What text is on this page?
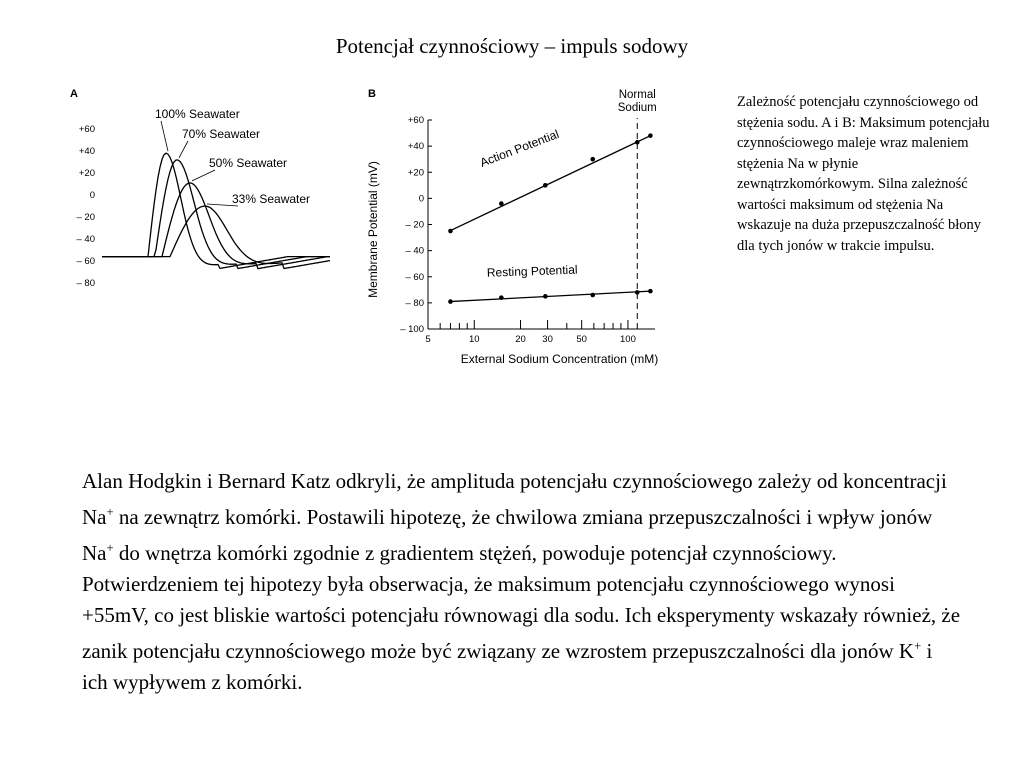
Potencjał czynnościowy – impuls sodowy
A
+60
+40
+20
0
– 20
– 40
– 60
– 80
100% Seawater
70% Seawater
50% Seawater
33% Seawater
B
+60
+40
+20
0
– 20
– 40
– 60
– 80
– 100
5	10	20 30 50	100
External Sodium Concentration (mM)
Membrane Potential (mV)
Normal
Sodium
Action Potential
Resting Potential
Zależność potencjału czynnościowego od stężenia sodu. A i B: Maksimum potencjału czynnościowego maleje wraz maleniem stężenia Na w płynie zewnątrzkomórkowym. Silna zależność wartości maksimum od stężenia Na wskazuje na duża przepuszczalność błony dla tych jonów w trakcie impulsu.
Alan Hodgkin i Bernard Katz odkryli, że amplituda potencjału czynnościowego zależy od koncentracji Na+ na zewnątrz komórki. Postawili hipotezę, że chwilowa zmiana przepuszczalności i wpływ jonów Na+ do wnętrza komórki zgodnie z gradientem stężeń, powoduje potencjał czynnościowy. Potwierdzeniem tej hipotezy była obserwacja, że maksimum potencjału czynnościowego wynosi +55mV, co jest bliskie wartości potencjału równowagi dla sodu. Ich eksperymenty wskazały również, że zanik potencjału czynnościowego może być związany ze wzrostem przepuszczalności dla jonów K+ i ich wypływem z komórki.
